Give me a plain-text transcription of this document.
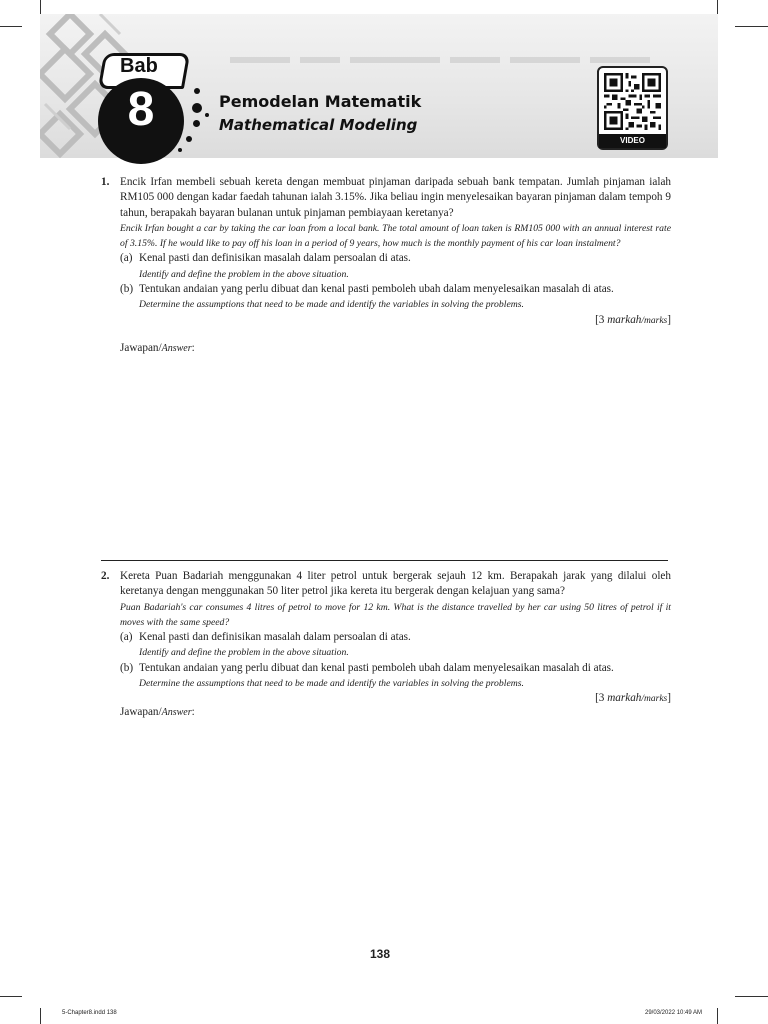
Bab
8	Pemodelan Matematik
Mathematical Modeling
VIDEO
1. Encik Irfan membeli sebuah kereta dengan membuat pinjaman daripada sebuah bank tempatan. Jumlah pinjaman ialah RM105 000 dengan kadar faedah tahunan ialah 3.15%. Jika beliau ingin menyelesaikan bayaran pinjaman dalam tempoh 9 tahun, berapakah bayaran bulanan untuk pinjaman pembiayaan keretanya?
Encik Irfan bought a car by taking the car loan from a local bank. The total amount of loan taken is RM105 000 with an annual interest rate of 3.15%. If he would like to pay off his loan in a period of 9 years, how much is the monthly payment of his car loan instalment?
(a) Kenal pasti dan definisikan masalah dalam persoalan di atas.
Identify and define the problem in the above situation.
(b) Tentukan andaian yang perlu dibuat dan kenal pasti pemboleh ubah dalam menyelesaikan masalah di atas.
Determine the assumptions that need to be made and identify the variables in solving the problems.
[3 markah/marks]
Jawapan/Answer:
2. Kereta Puan Badariah menggunakan 4 liter petrol untuk bergerak sejauh 12 km. Berapakah jarak yang dilalui oleh keretanya dengan menggunakan 50 liter petrol jika kereta itu bergerak dengan kelajuan yang sama?
Puan Badariah's car consumes 4 litres of petrol to move for 12 km. What is the distance travelled by her car using 50 litres of petrol if it moves with the same speed?
(a) Kenal pasti dan definisikan masalah dalam persoalan di atas.
Identify and define the problem in the above situation.
(b) Tentukan andaian yang perlu dibuat dan kenal pasti pemboleh ubah dalam menyelesaikan masalah di atas.
Determine the assumptions that need to be made and identify the variables in solving the problems.
[3 markah/marks]
Jawapan/Answer:
138
5-Chapter8.indd 138	29/03/2022 10:49 AM
